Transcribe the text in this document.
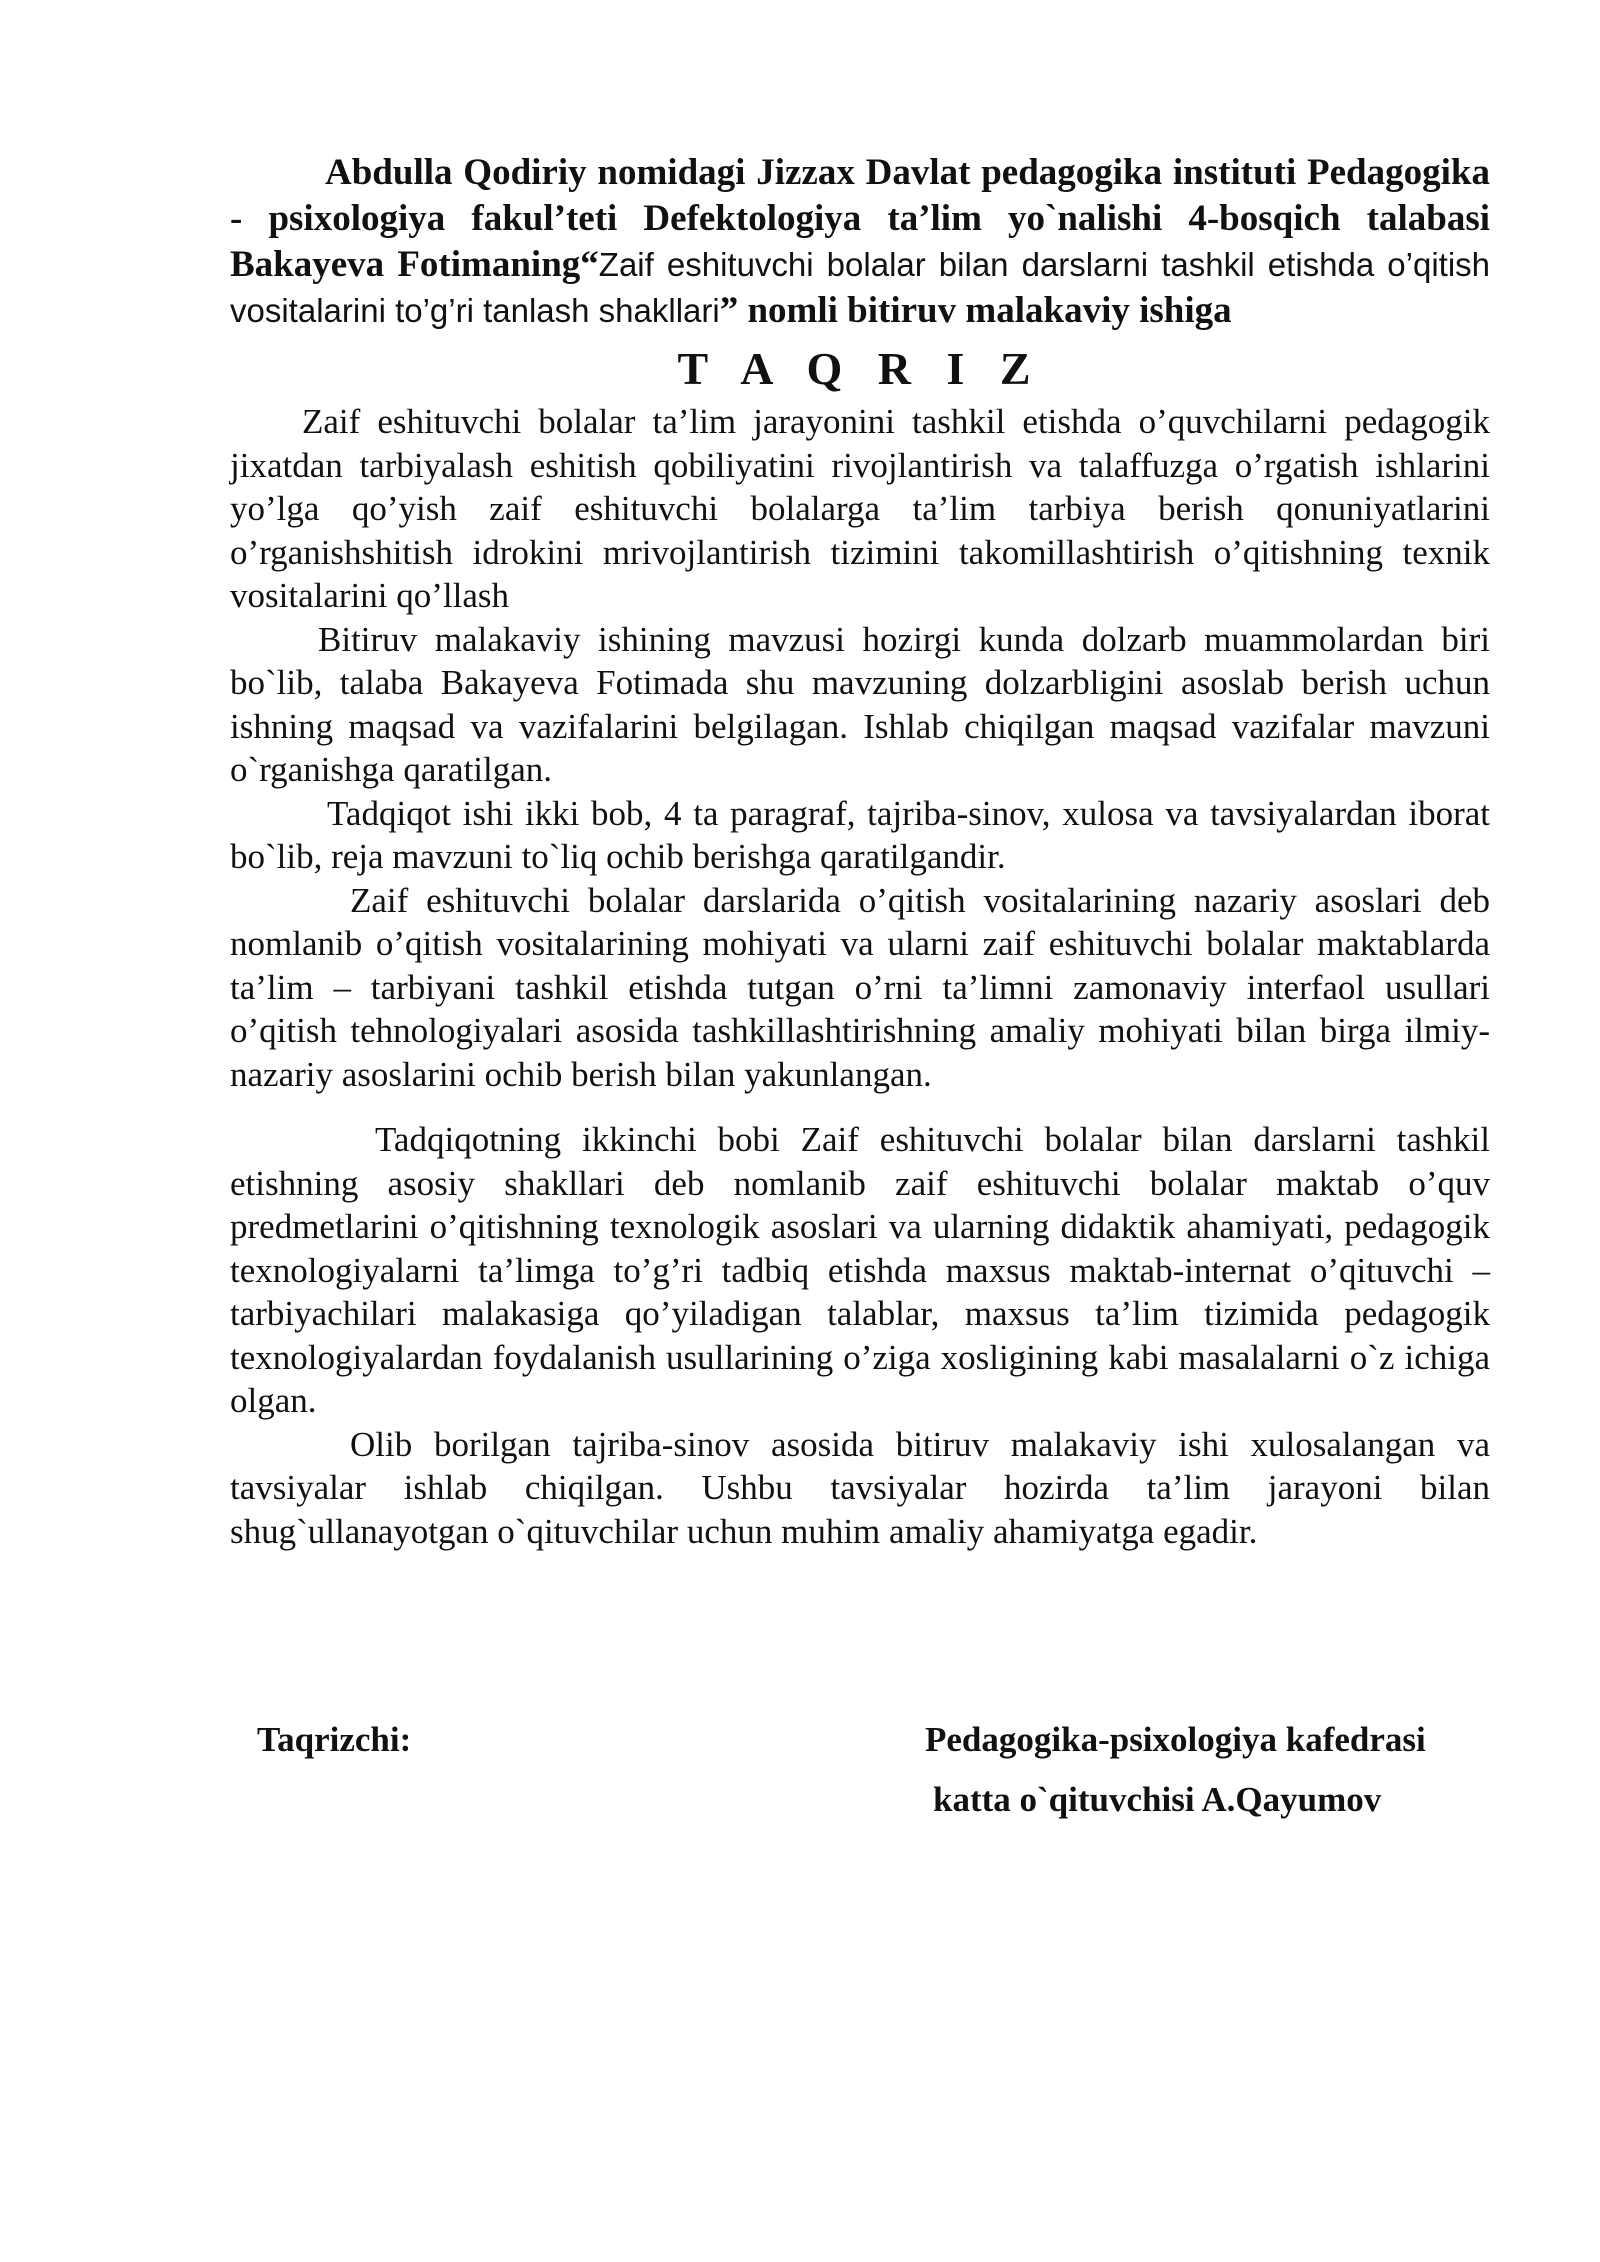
Abdulla Qodiriy nomidagi Jizzax Davlat pedagogika instituti Pedagogika - psixologiya fakul’teti Defektologiya ta’lim yo`nalishi 4-bosqich talabasi Bakayeva Fotimaning“Zaif eshituvchi bolalar bilan darslarni tashkil etishda o’qitish vositalarini to’g’ri tanlash shakllari” nomli bitiruv malakaviy ishiga

T A Q R I Z

Zaif eshituvchi bolalar ta’lim jarayonini tashkil etishda o’quvchilarni pedagogik jixatdan tarbiyalash eshitish qobiliyatini rivojlantirish va talaffuzga o’rgatish ishlarini yo’lga qo’yish zaif eshituvchi bolalarga ta’lim tarbiya berish qonuniyatlarini o’rganishshitish idrokini mrivojlantirish tizimini takomillashtirish o’qitishning texnik vositalarini qo’llash

Bitiruv malakaviy ishining mavzusi hozirgi kunda dolzarb muammolardan biri bo`lib, talaba Bakayeva Fotimada shu mavzuning dolzarbligini asoslab berish uchun ishning maqsad va vazifalarini belgilagan. Ishlab chiqilgan maqsad vazifalar mavzuni o`rganishga qaratilgan.

Tadqiqot ishi ikki bob, 4 ta paragraf, tajriba-sinov, xulosa va tavsiyalardan iborat bo`lib, reja mavzuni to`liq ochib berishga qaratilgandir.

Zaif eshituvchi bolalar darslarida o’qitish vositalarining nazariy asoslari deb nomlanib o’qitish vositalarining mohiyati va ularni zaif eshituvchi bolalar maktablarda ta’lim – tarbiyani tashkil etishda tutgan o’rni ta’limni zamonaviy interfaol usullari o’qitish tehnologiyalari asosida tashkillashtirishning amaliy mohiyati bilan birga ilmiy-nazariy asoslarini ochib berish bilan yakunlangan.

Tadqiqotning ikkinchi bobi Zaif eshituvchi bolalar bilan darslarni tashkil etishning asosiy shakllari deb nomlanib zaif eshituvchi bolalar maktab o’quv predmetlarini o’qitishning texnologik asoslari va ularning didaktik ahamiyati, pedagogik texnologiyalarni ta’limga to’g’ri tadbiq etishda maxsus maktab-internat o’qituvchi – tarbiyachilari malakasiga qo’yiladigan talablar, maxsus ta’lim tizimida pedagogik texnologiyalardan foydalanish usullarining o’ziga xosligining kabi masalalarni o`z ichiga olgan.

Olib borilgan tajriba-sinov asosida bitiruv malakaviy ishi xulosalangan va tavsiyalar ishlab chiqilgan. Ushbu tavsiyalar hozirda ta’lim jarayoni bilan shug`ullanayotgan o`qituvchilar uchun muhim amaliy ahamiyatga egadir.

Taqrizchi:	Pedagogika-psixologiya kafedrasi
katta o`qituvchisi A.Qayumov
